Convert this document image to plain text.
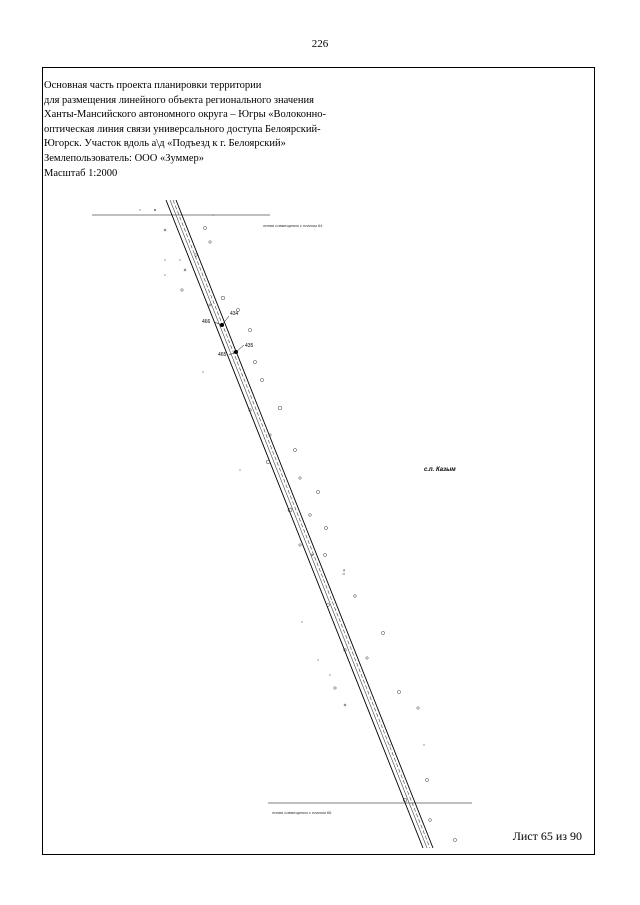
226
Основная часть проекта планировки территории
для размещения линейного объекта регионального значения
Ханты-Мансийского автономного округа – Югры «Волоконно-
оптическая линия связи универсального доступа Белоярский-
Югорск. Участок вдоль а\д «Подъезд к г. Белоярский»
Землепользователь: ООО «Зуммер»
Масштаб 1:2000
линия совмещения с планом 64
линия совмещения с планом 66
434
435
466
465
0 ж
с.п. Казым
Лист 65 из 90
